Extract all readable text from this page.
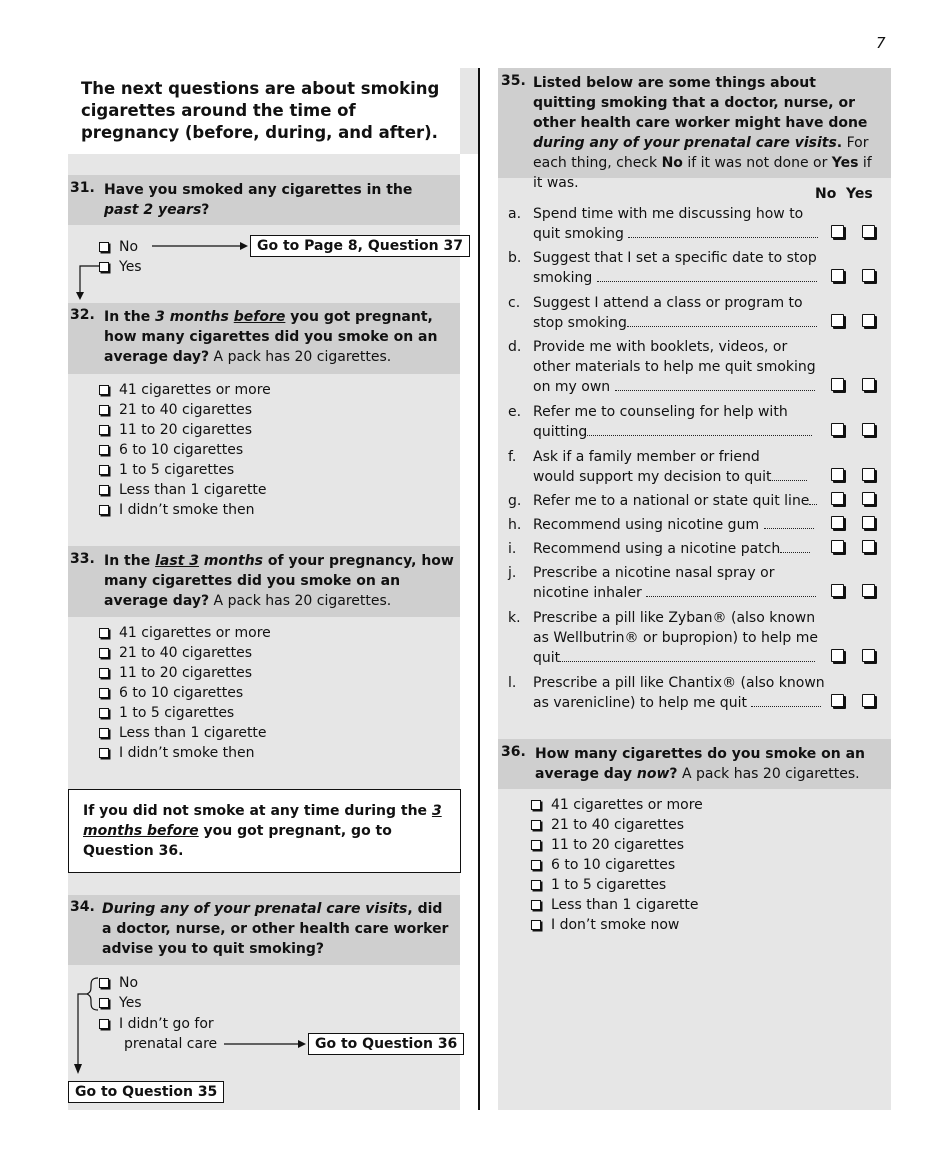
7
The next questions are about smoking cigarettes around the time of pregnancy (before, during, and after).
31. Have you smoked any cigarettes in the past 2 years?
No
Yes
Go to Page 8, Question 37
32. In the 3 months before you got pregnant, how many cigarettes did you smoke on an average day? A pack has 20 cigarettes.
41 cigarettes or more
21 to 40 cigarettes
11 to 20 cigarettes
6 to 10 cigarettes
1 to 5 cigarettes
Less than 1 cigarette
I didn’t smoke then
33. In the last 3 months of your pregnancy, how many cigarettes did you smoke on an average day? A pack has 20 cigarettes.
41 cigarettes or more
21 to 40 cigarettes
11 to 20 cigarettes
6 to 10 cigarettes
1 to 5 cigarettes
Less than 1 cigarette
I didn’t smoke then
If you did not smoke at any time during the 3 months before you got pregnant, go to Question 36.
34. During any of your prenatal care visits, did a doctor, nurse, or other health care worker advise you to quit smoking?
No
Yes
I didn’t go for
prenatal care	Go to Question 36
Go to Question 35
35. Listed below are some things about quitting smoking that a doctor, nurse, or other health care worker might have done during any of your prenatal care visits. For each thing, check No if it was not done or Yes if it was.
No Yes
a. Spend time with me discussing how to
quit smoking
b. Suggest that I set a specific date to stop
smoking
c. Suggest I attend a class or program to
stop smoking
d. Provide me with booklets, videos, or
other materials to help me quit smoking
on my own
e. Refer me to counseling for help with
quitting
f. Ask if a family member or friend
would support my decision to quit
g. Refer me to a national or state quit line
h. Recommend using nicotine gum
i. Recommend using a nicotine patch
j. Prescribe a nicotine nasal spray or
nicotine inhaler
k. Prescribe a pill like Zyban® (also known
as Wellbutrin® or bupropion) to help me
quit
l. Prescribe a pill like Chantix® (also known
as varenicline) to help me quit
36. How many cigarettes do you smoke on an average day now? A pack has 20 cigarettes.
41 cigarettes or more
21 to 40 cigarettes
11 to 20 cigarettes
6 to 10 cigarettes
1 to 5 cigarettes
Less than 1 cigarette
I don’t smoke now
